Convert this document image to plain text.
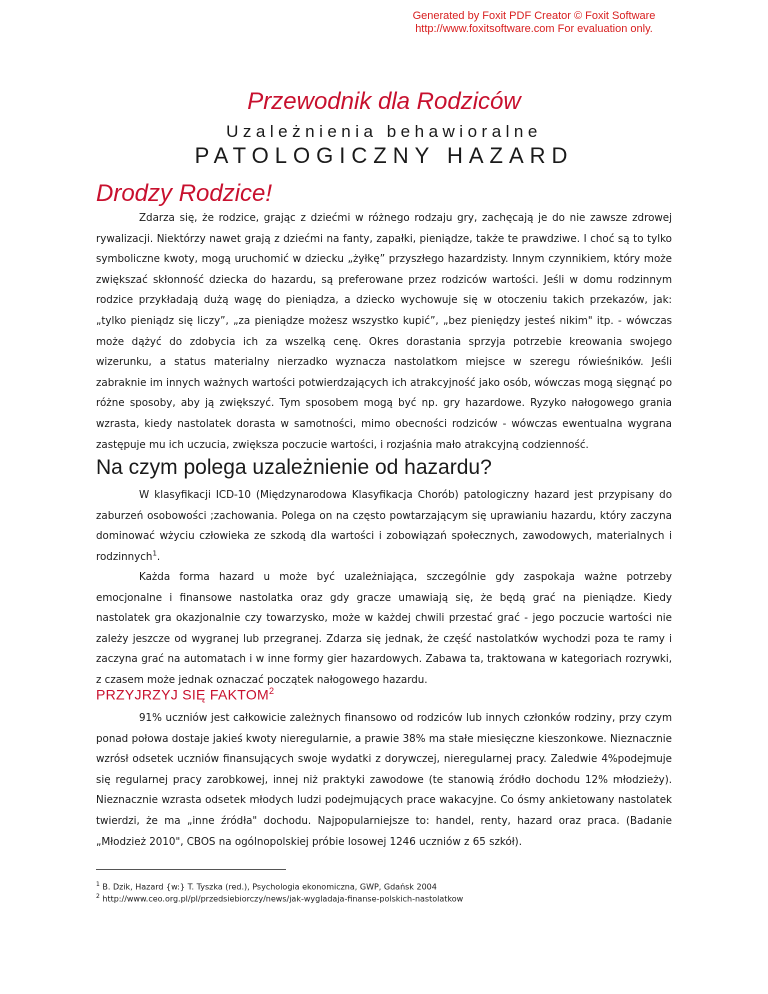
Generated by Foxit PDF Creator © Foxit Software
http://www.foxitsoftware.com For evaluation only.
Przewodnik dla Rodziców
Uzależnienia behawioralne
PATOLOGICZNY HAZARD
Drodzy Rodzice!

Zdarza się, że rodzice, grając z dziećmi w różnego rodzaju gry, zachęcają je do nie zawsze zdrowej rywalizacji. Niektórzy nawet grają z dziećmi na fanty, zapałki, pieniądze, także te prawdziwe. I choć są to tylko symboliczne kwoty, mogą uruchomić w dziecku „żyłkę” przyszłego hazardzisty. Innym czynnikiem, który może zwiększać skłonność dziecka do hazardu, są preferowane przez rodziców wartości. Jeśli w domu rodzinnym rodzice przykładają dużą wagę do pieniądza, a dziecko wychowuje się w otoczeniu takich przekazów, jak: „tylko pieniądz się liczy”, „za pieniądze możesz wszystko kupić”, „bez pieniędzy jesteś nikim" itp. - wówczas może dążyć do zdobycia ich za wszelką cenę. Okres dorastania sprzyja potrzebie kreowania swojego wizerunku, a status materialny nierzadko wyznacza nastolatkom miejsce w szeregu rówieśników. Jeśli zabraknie im innych ważnych wartości potwierdzających ich atrakcyjność jako osób, wówczas mogą sięgnąć po różne sposoby, aby ją zwiększyć. Tym sposobem mogą być np. gry hazardowe. Ryzyko nałogowego grania wzrasta, kiedy nastolatek dorasta w samotności, mimo obecności rodziców - wówczas ewentualna wygrana zastępuje mu ich uczucia, zwiększa poczucie wartości, i rozjaśnia mało atrakcyjną codzienność.

Na czym polega uzależnienie od hazardu?

W klasyfikacji ICD-10 (Międzynarodowa Klasyfikacja Chorób) patologiczny hazard jest przypisany do zaburzeń osobowości ;zachowania. Polega on na często powtarzającym się uprawianiu hazardu, który zaczyna dominować wżyciu człowieka ze szkodą dla wartości i zobowiązań społecznych, zawodowych, materialnych i rodzinnych$^1$.

Każda forma hazard u może być uzależniająca, szczególnie gdy zaspokaja ważne potrzeby emocjonalne i finansowe nastolatka oraz gdy gracze umawiają się, że będą grać na pieniądze. Kiedy nastolatek gra okazjonalnie czy towarzysko, może w każdej chwili przestać grać - jego poczucie wartości nie zależy jeszcze od wygranej lub przegranej. Zdarza się jednak, że część nastolatków wychodzi poza te ramy i zaczyna grać na automatach i w inne formy gier hazardowych. Zabawa ta, traktowana w kategoriach rozrywki, z czasem może jednak oznaczać początek nałogowego hazardu.

PRZYJRZYJ SIĘ FAKTOM$^2$

91% uczniów jest całkowicie zależnych finansowo od rodziców lub innych członków rodziny, przy czym ponad połowa dostaje jakieś kwoty nieregularnie, a prawie 38% ma stałe miesięczne kieszonkowe. Nieznacznie wzrósł odsetek uczniów finansujących swoje wydatki z dorywczej, nieregularnej pracy. Zaledwie 4%podejmuje się regularnej pracy zarobkowej, innej niż praktyki zawodowe (te stanowią źródło dochodu 12% młodzieży). Nieznacznie wzrasta odsetek młodych ludzi podejmujących prace wakacyjne. Co ósmy ankietowany nastolatek twierdzi, że ma „inne źródła" dochodu. Najpopularniejsze to: handel, renty, hazard oraz praca. (Badanie „Młodzież 2010", CBOS na ogólnopolskiej próbie losowej 1246 uczniów z 65 szkół).

$^1$ B. Dzik, Hazard {w:} T. Tyszka (red.), Psychologia ekonomiczna, GWP, Gdańsk 2004

$^2$ http://www.ceo.org.pl/pl/przedsiebiorczy/news/jak-wygladaja-finanse-polskich-nastolatkow
